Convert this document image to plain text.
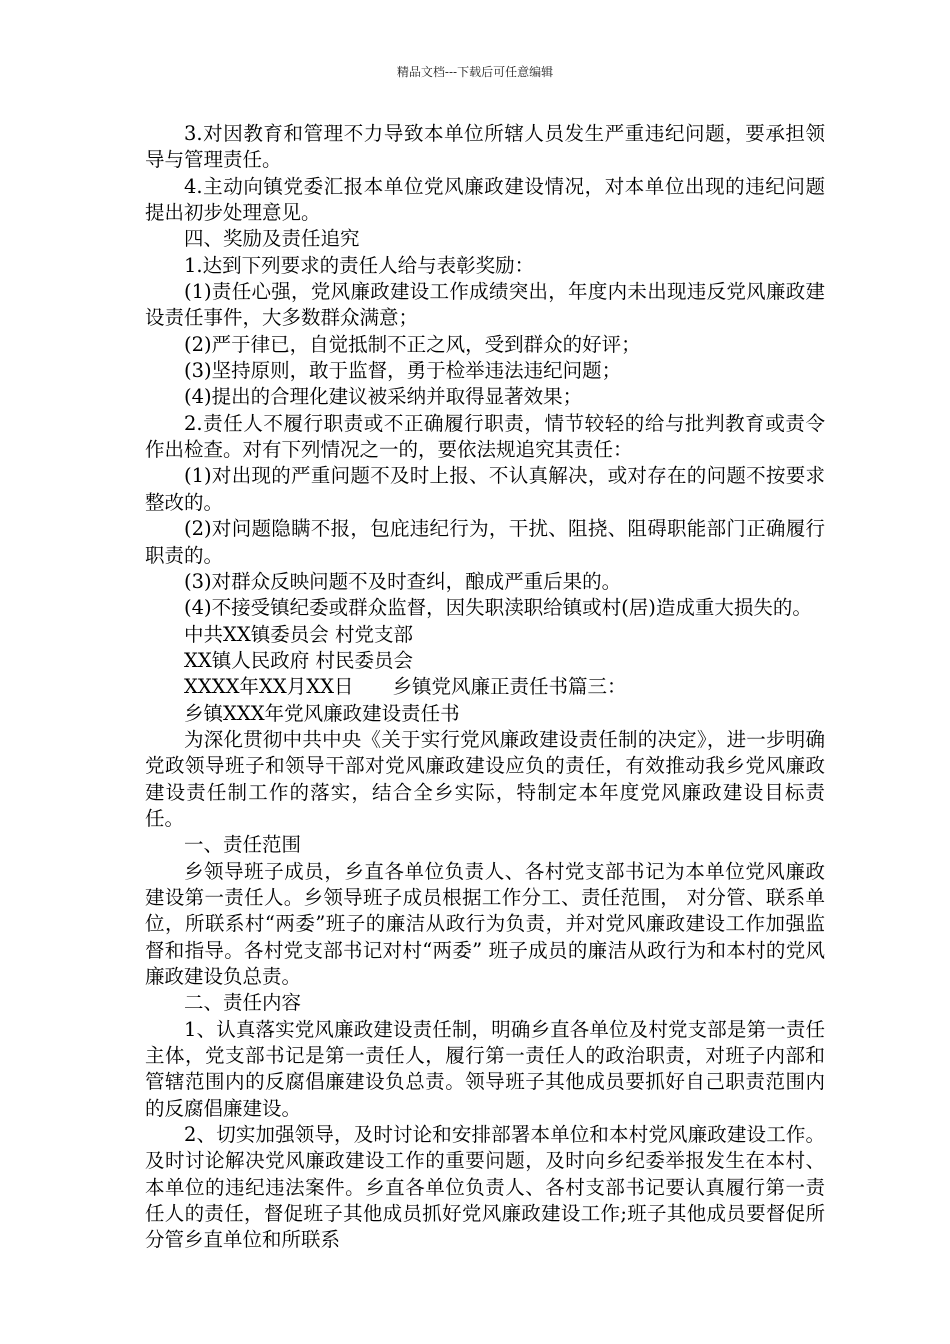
精品文档---下载后可任意编辑

3.对因教育和管理不力导致本单位所辖人员发生严重违纪问题，要承担领导与管理责任。

4.主动向镇党委汇报本单位党风廉政建设情况，对本单位出现的违纪问题提出初步处理意见。

四、奖励及责任追究

1.达到下列要求的责任人给与表彰奖励：

(1)责任心强，党风廉政建设工作成绩突出，年度内未出现违反党风廉政建设责任事件，大多数群众满意；

(2)严于律已，自觉抵制不正之风，受到群众的好评；

(3)坚持原则，敢于监督，勇于检举违法违纪问题；

(4)提出的合理化建议被采纳并取得显著效果；

2.责任人不履行职责或不正确履行职责，情节较轻的给与批判教育或责令作出检查。对有下列情况之一的，要依法规追究其责任：

(1)对出现的严重问题不及时上报、不认真解决，或对存在的问题不按要求整改的。

(2)对问题隐瞒不报，包庇违纪行为，干扰、阻挠、阻碍职能部门正确履行职责的。

(3)对群众反映问题不及时查纠，酿成严重后果的。

(4)不接受镇纪委或群众监督，因失职渎职给镇或村(居)造成重大损失的。

中共XX镇委员会 村党支部

XX镇人民政府 村民委员会

XXXX年XX月XX日　　乡镇党风廉正责任书篇三：

乡镇XXX年党风廉政建设责任书

为深化贯彻中共中央《关于实行党风廉政建设责任制的决定》，进一步明确党政领导班子和领导干部对党风廉政建设应负的责任，有效推动我乡党风廉政建设责任制工作的落实，结合全乡实际，特制定本年度党风廉政建设目标责任。

一、责任范围

乡领导班子成员，乡直各单位负责人、各村党支部书记为本单位党风廉政建设第一责任人。乡领导班子成员根据工作分工、责任范围， 对分管、联系单位，所联系村“两委”班子的廉洁从政行为负责，并对党风廉政建设工作加强监督和指导。各村党支部书记对村“两委” 班子成员的廉洁从政行为和本村的党风廉政建设负总责。

二、责任内容

1、认真落实党风廉政建设责任制，明确乡直各单位及村党支部是第一责任主体，党支部书记是第一责任人，履行第一责任人的政治职责，对班子内部和管辖范围内的反腐倡廉建设负总责。领导班子其他成员要抓好自己职责范围内的反腐倡廉建设。

2、切实加强领导，及时讨论和安排部署本单位和本村党风廉政建设工作。及时讨论解决党风廉政建设工作的重要问题，及时向乡纪委举报发生在本村、本单位的违纪违法案件。乡直各单位负责人、各村支部书记要认真履行第一责任人的责任，督促班子其他成员抓好党风廉政建设工作;班子其他成员要督促所分管乡直单位和所联系
